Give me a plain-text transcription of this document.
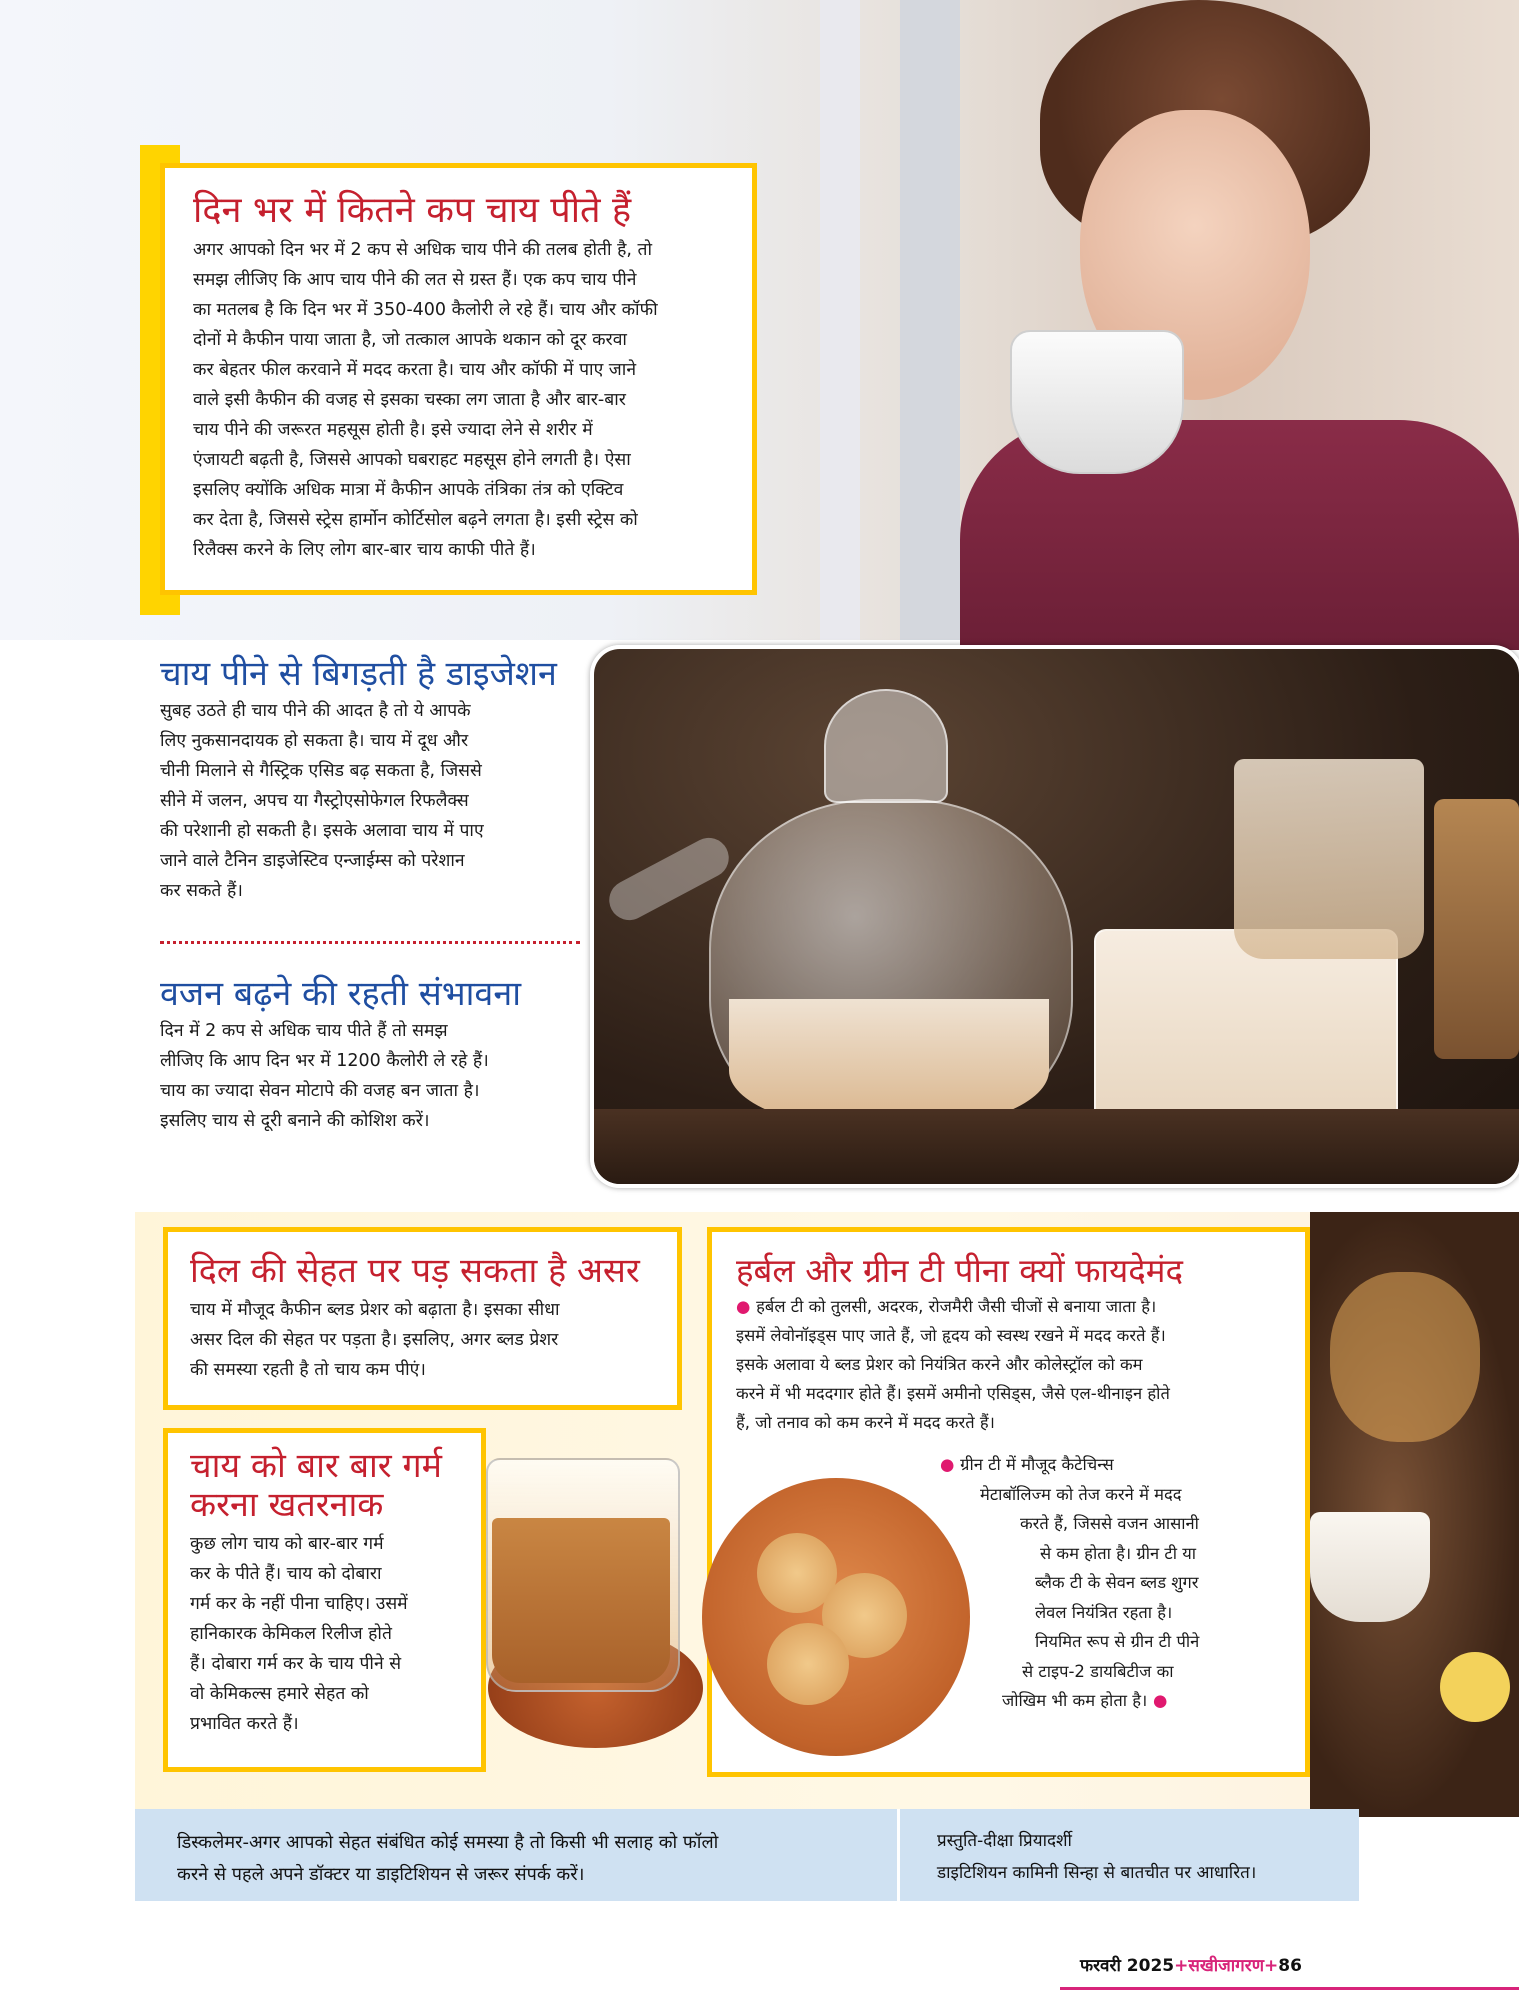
दिन भर में कितने कप चाय पीते हैं
अगर आपको दिन भर में 2 कप से अधिक चाय पीने की तलब होती है, तो
समझ लीजिए कि आप चाय पीने की लत से ग्रस्त हैं। एक कप चाय पीने
का मतलब है कि दिन भर में 350-400 कैलोरी ले रहे हैं। चाय और कॉफी
दोनों मे कैफीन पाया जाता है, जो तत्काल आपके थकान को दूर करवा
कर बेहतर फील करवाने में मदद करता है। चाय और कॉफी में पाए जाने
वाले इसी कैफीन की वजह से इसका चस्का लग जाता है और बार-बार
चाय पीने की जरूरत महसूस होती है। इसे ज्यादा लेने से शरीर में
एंजायटी बढ़ती है, जिससे आपको घबराहट महसूस होने लगती है। ऐसा
इसलिए क्योंकि अधिक मात्रा में कैफीन आपके तंत्रिका तंत्र को एक्टिव
कर देता है, जिससे स्ट्रेस हार्मोन कोर्टिसोल बढ़ने लगता है। इसी स्ट्रेस को
रिलैक्स करने के लिए लोग बार-बार चाय काफी पीते हैं।
चाय पीने से बिगड़ती है डाइजेशन
सुबह उठते ही चाय पीने की आदत है तो ये आपके
लिए नुकसानदायक हो सकता है। चाय में दूध और
चीनी मिलाने से गैस्ट्रिक एसिड बढ़ सकता है, जिससे
सीने में जलन, अपच या गैस्ट्रोएसोफेगल रिफलैक्स
की परेशानी हो सकती है। इसके अलावा चाय में पाए
जाने वाले टैनिन डाइजेस्टिव एन्जाईम्स को परेशान
कर सकते हैं।
वजन बढ़ने की रहती संभावना
दिन में 2 कप से अधिक चाय पीते हैं तो समझ
लीजिए कि आप दिन भर में 1200 कैलोरी ले रहे हैं।
चाय का ज्यादा सेवन मोटापे की वजह बन जाता है।
इसलिए चाय से दूरी बनाने की कोशिश करें।
दिल की सेहत पर पड़ सकता है असर
चाय में मौजूद कैफीन ब्लड प्रेशर को बढ़ाता है। इसका सीधा
असर दिल की सेहत पर पड़ता है। इसलिए, अगर ब्लड प्रेशर
की समस्या रहती है तो चाय कम पीएं।
चाय को बार बार गर्म
करना खतरनाक
कुछ लोग चाय को बार-बार गर्म
कर के पीते हैं। चाय को दोबारा
गर्म कर के नहीं पीना चाहिए। उसमें
हानिकारक केमिकल रिलीज होते
हैं। दोबारा गर्म कर के चाय पीने से
वो केमिकल्स हमारे सेहत को
प्रभावित करते हैं।
हर्बल और ग्रीन टी पीना क्यों फायदेमंद
● हर्बल टी को तुलसी, अदरक, रोजमैरी जैसी चीजों से बनाया जाता है।
इसमें लेवोनॉइड्स पाए जाते हैं, जो हृदय को स्वस्थ रखने में मदद करते हैं।
इसके अलावा ये ब्लड प्रेशर को नियंत्रित करने और कोलेस्ट्रॉल को कम
करने में भी मददगार होते हैं। इसमें अमीनो एसिड्स, जैसे एल-थीनाइन होते
हैं, जो तनाव को कम करने में मदद करते हैं।
● ग्रीन टी में मौजूद कैटेचिन्स
मेटाबॉलिज्म को तेज करने में मदद
करते हैं, जिससे वजन आसानी
से कम होता है। ग्रीन टी या
ब्लैक टी के सेवन ब्लड शुगर
लेवल नियंत्रित रहता है।
नियमित रूप से ग्रीन टी पीने
से टाइप-2 डायबिटीज का
जोखिम भी कम होता है। ●
डिस्कलेमर-अगर आपको सेहत संबंधित कोई समस्या है तो किसी भी सलाह को फॉलो
करने से पहले अपने डॉक्टर या डाइटिशियन से जरूर संपर्क करें।
प्रस्तुति-दीक्षा प्रियादर्शी
डाइटिशियन कामिनी सिन्हा से बातचीत पर आधारित।
फरवरी 2025+सखीजागरण+86
